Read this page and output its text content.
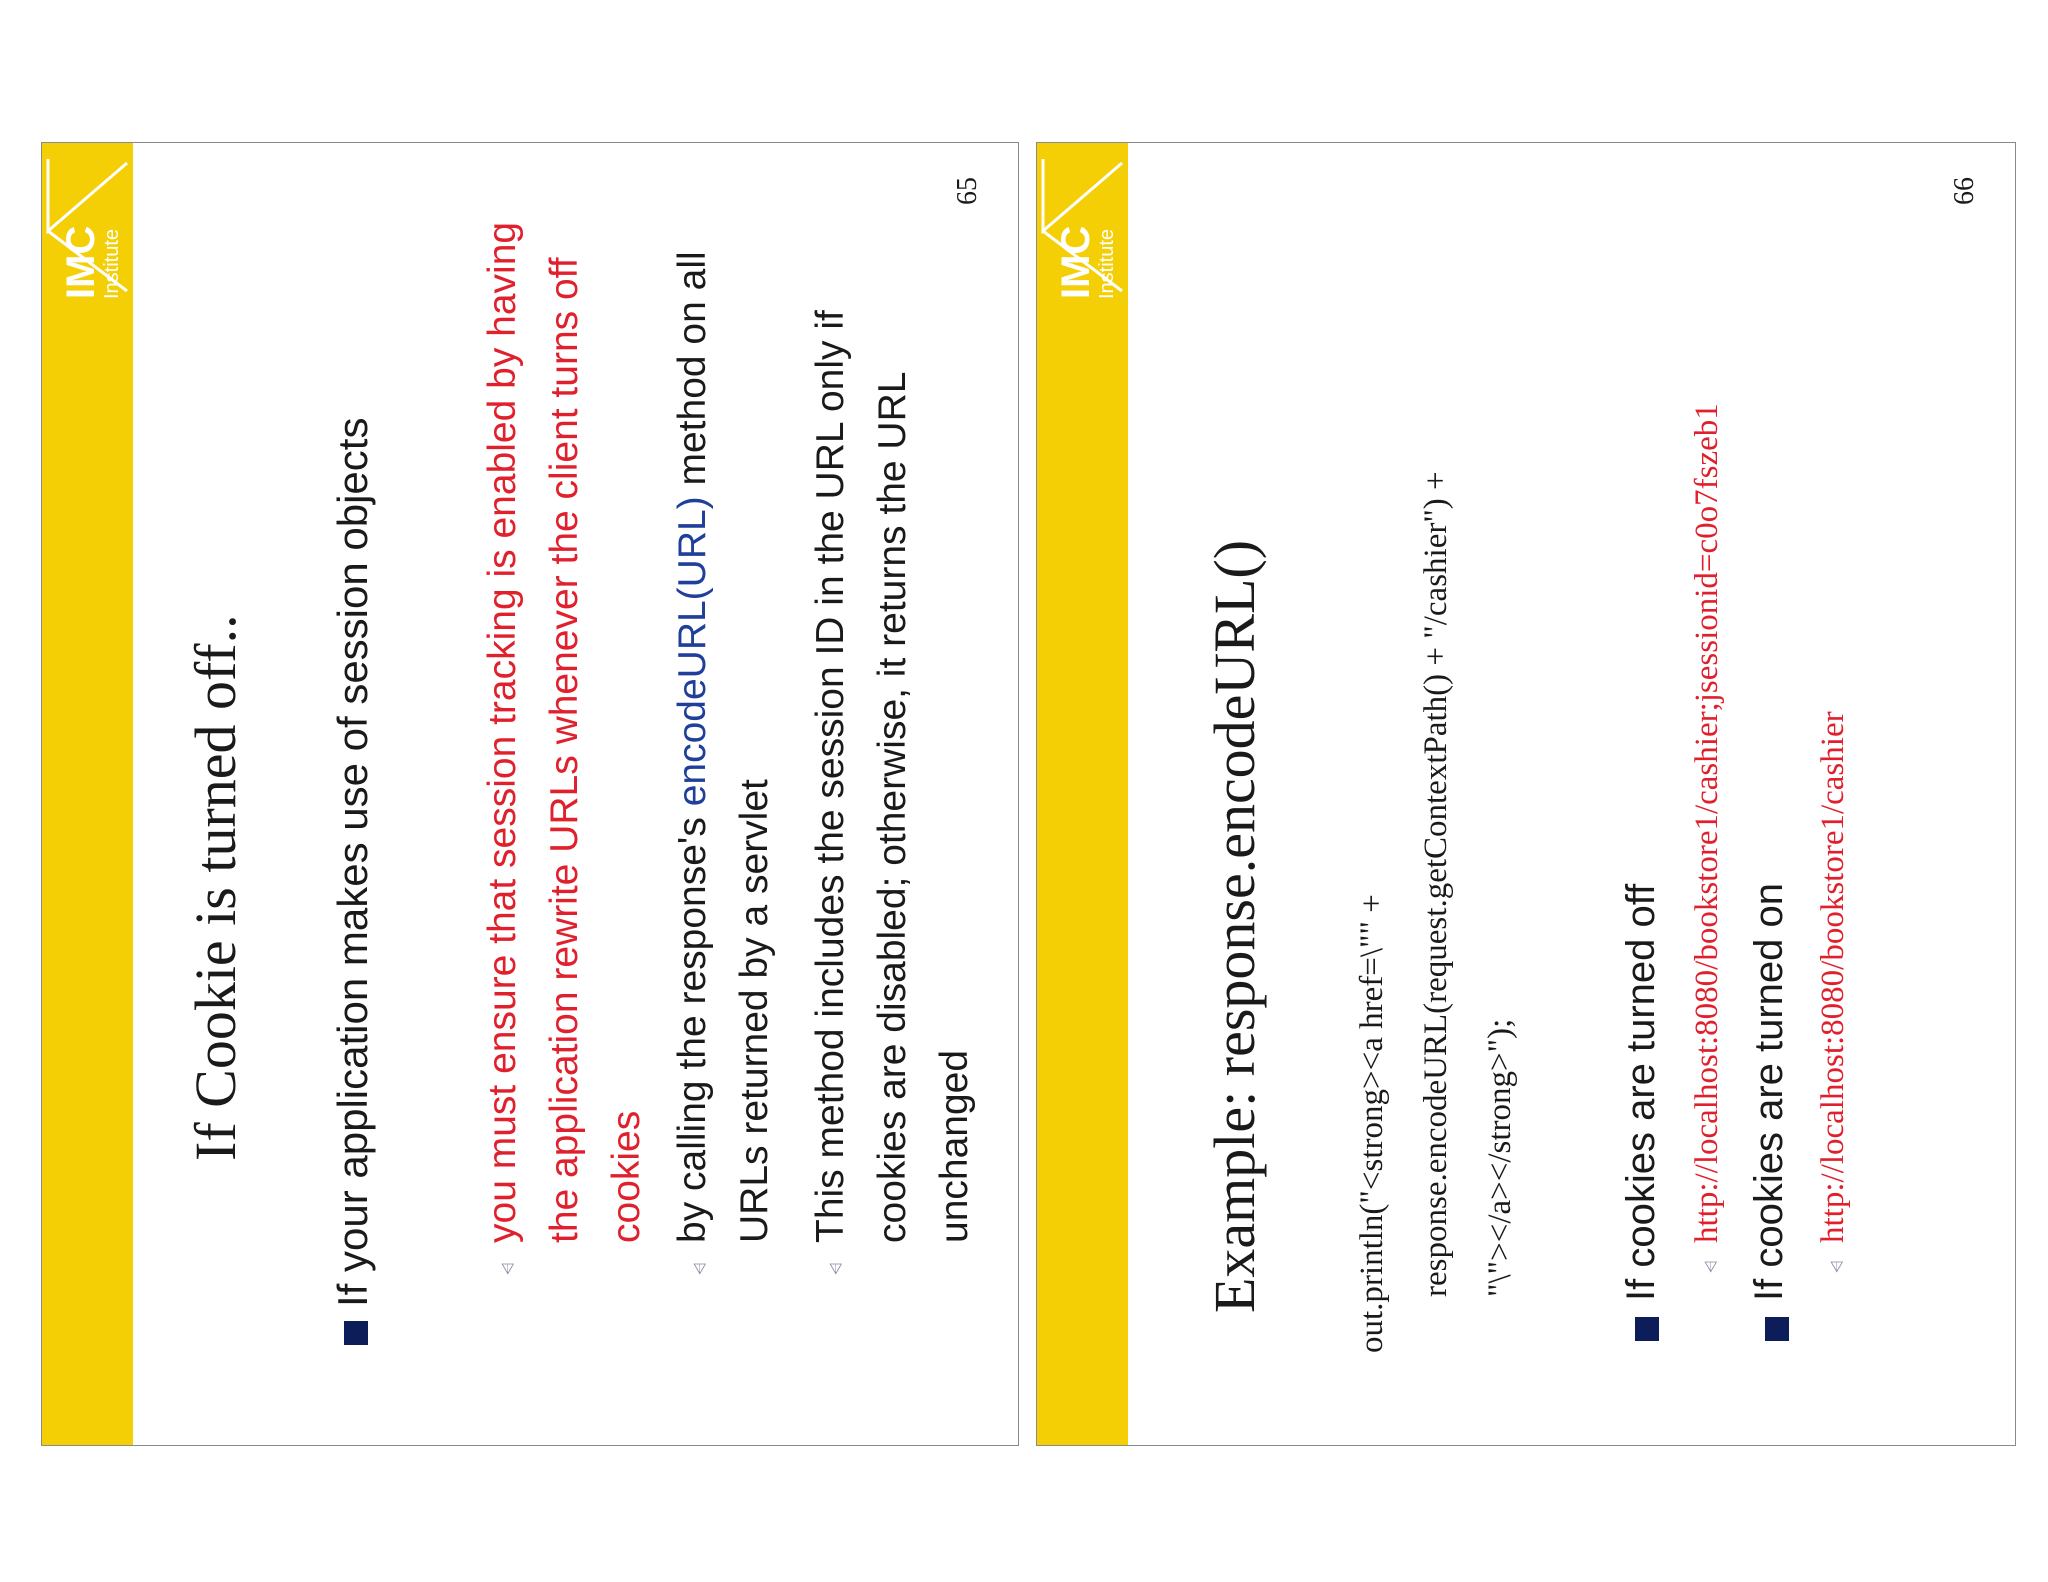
IMC
Institute
If Cookie is turned off.. If your application makes use of session objects	⩤
you must ensure that session tracking is enabled by having the application rewrite URLs whenever the client turns off cookies
⩤
by calling the response's encodeURL(URL) method on all URLs returned by a servlet
⩤
This method includes the session ID in the URL only if cookies are disabled; otherwise, it returns the URL unchanged
65
IMC
Institute
Example: response.encodeURL()	out.println("<strong><a href=\"" + response.encodeURL(request.getContextPath() + "/cashier") + "\"></a></strong>");	If cookies are turned off ⩤
http://localhost:8080/bookstore1/cashier;jsessionid=c0o7fszeb1 If cookies are turned on ⩤
http://localhost:8080/bookstore1/cashier
66
